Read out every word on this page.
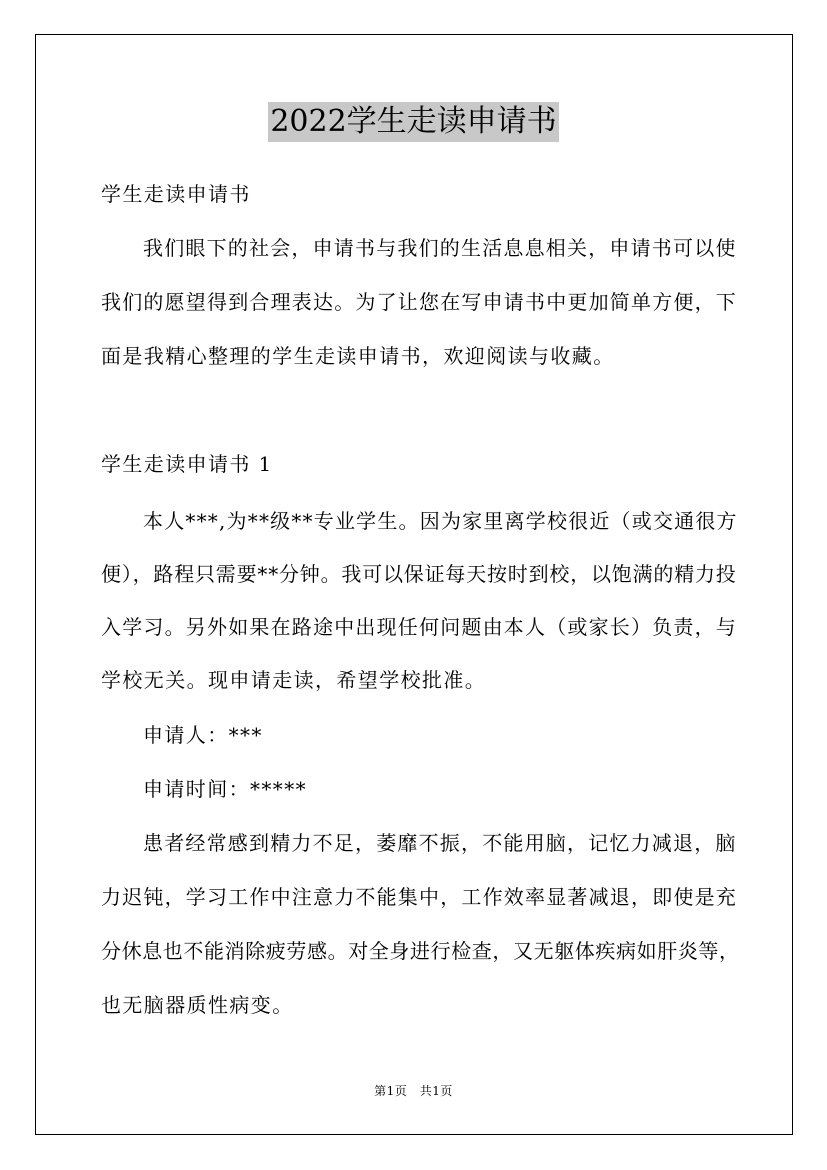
2022学生走读申请书
学生走读申请书
我们眼下的社会，申请书与我们的生活息息相关，申请书可以使
我们的愿望得到合理表达。为了让您在写申请书中更加简单方便，下
面是我精心整理的学生走读申请书，欢迎阅读与收藏。
学生走读申请书 1
本人***,为**级**专业学生。因为家里离学校很近（或交通很方
便），路程只需要**分钟。我可以保证每天按时到校，以饱满的精力投
入学习。另外如果在路途中出现任何问题由本人（或家长）负责，与
学校无关。现申请走读，希望学校批准。
申请人：***
申请时间：*****
患者经常感到精力不足，萎靡不振，不能用脑，记忆力减退，脑
力迟钝，学习工作中注意力不能集中，工作效率显著减退，即使是充
分休息也不能消除疲劳感。对全身进行检查，又无躯体疾病如肝炎等，
也无脑器质性病变。
第1页　共1页
